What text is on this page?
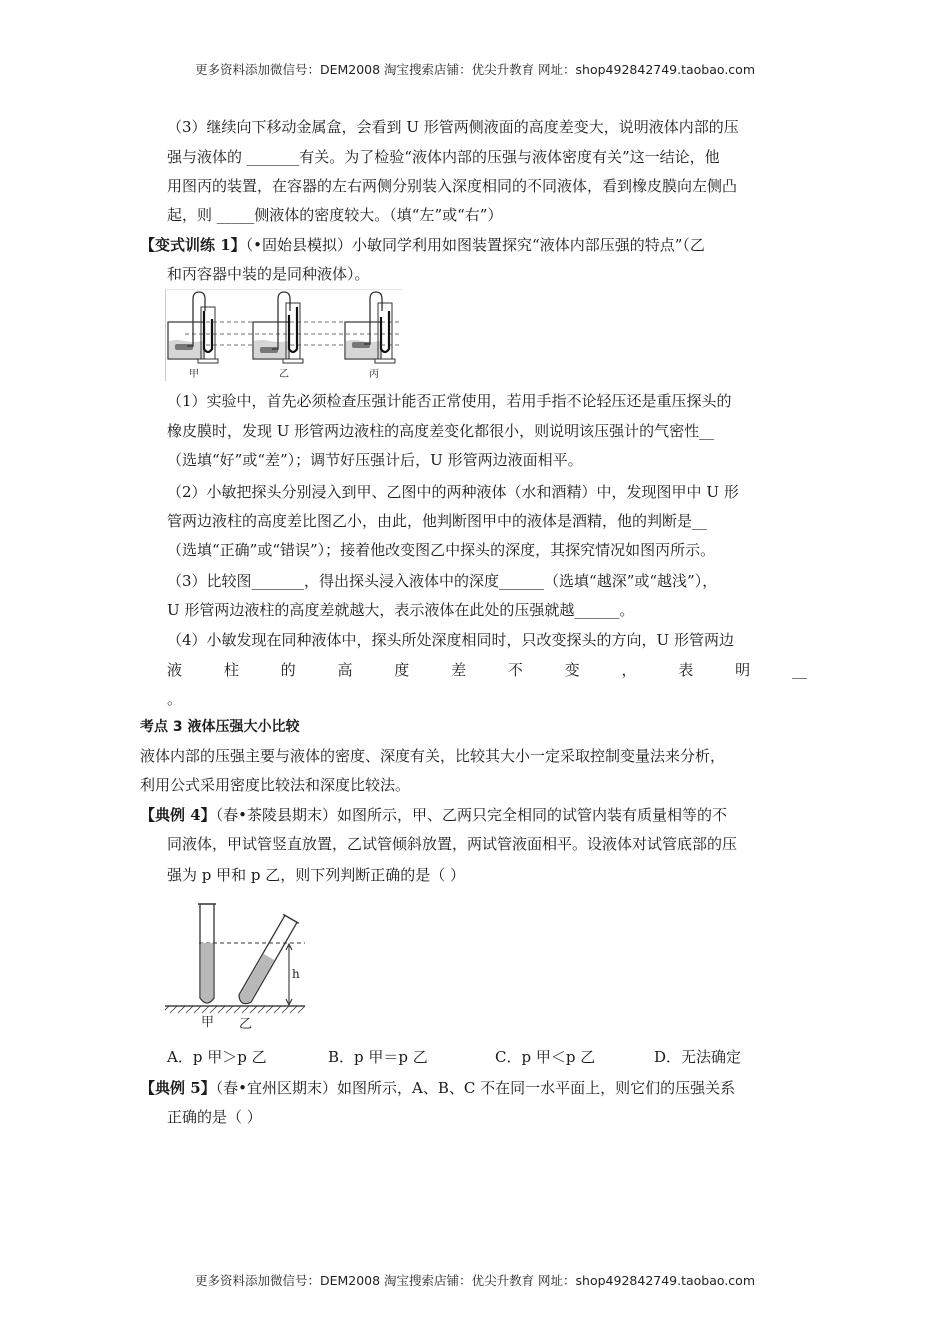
更多资料添加微信号：DEM2008 淘宝搜索店铺：优尖升教育 网址：shop492842749.taobao.com
（3）继续向下移动金属盒，会看到 U 形管两侧液面的高度差变大，说明液体内部的压
强与液体的 _______有关。为了检验“液体内部的压强与液体密度有关”这一结论，他
用图丙的装置，在容器的左右两侧分别装入深度相同的不同液体，看到橡皮膜向左侧凸
起，则 _____侧液体的密度较大。（填“左”或“右”）
【变式训练 1】（•固始县模拟）小敏同学利用如图装置探究“液体内部压强的特点”（乙
和丙容器中装的是同种液体）。
甲	乙	丙
（1）实验中，首先必须检查压强计能否正常使用，若用手指不论轻压还是重压探头的
橡皮膜时，发现 U 形管两边液柱的高度差变化都很小，则说明该压强计的气密性__
（选填“好”或“差”）；调节好压强计后，U 形管两边液面相平。
（2）小敏把探头分别浸入到甲、乙图中的两种液体（水和酒精）中，发现图甲中 U 形
管两边液柱的高度差比图乙小，由此，他判断图甲中的液体是酒精，他的判断是__
（选填“正确”或“错误”）；接着他改变图乙中探头的深度，其探究情况如图丙所示。
（3）比较图_______，得出探头浸入液体中的深度______（选填“越深”或“越浅”），
U 形管两边液柱的高度差就越大，表示液体在此处的压强就越______。
（4）小敏发现在同种液体中，探头所处深度相同时，只改变探头的方向，U 形管两边
液	柱	的	高	度	差	不	变	，	表	明	__
。
考点 3 液体压强大小比较
液体内部的压强主要与液体的密度、深度有关，比较其大小一定采取控制变量法来分析，
利用公式采用密度比较法和深度比较法。
【典例 4】（春•茶陵县期末）如图所示，甲、乙两只完全相同的试管内装有质量相等的不
同液体，甲试管竖直放置，乙试管倾斜放置，两试管液面相平。设液体对试管底部的压
强为 p 甲和 p 乙，则下列判断正确的是（ ）
h
甲 乙
A．p 甲＞p 乙	B．p 甲＝p 乙	C．p 甲＜p 乙	D．无法确定
【典例 5】（春•宜州区期末）如图所示，A、B、C 不在同一水平面上，则它们的压强关系
正确的是（ ）
更多资料添加微信号：DEM2008 淘宝搜索店铺：优尖升教育 网址：shop492842749.taobao.com
